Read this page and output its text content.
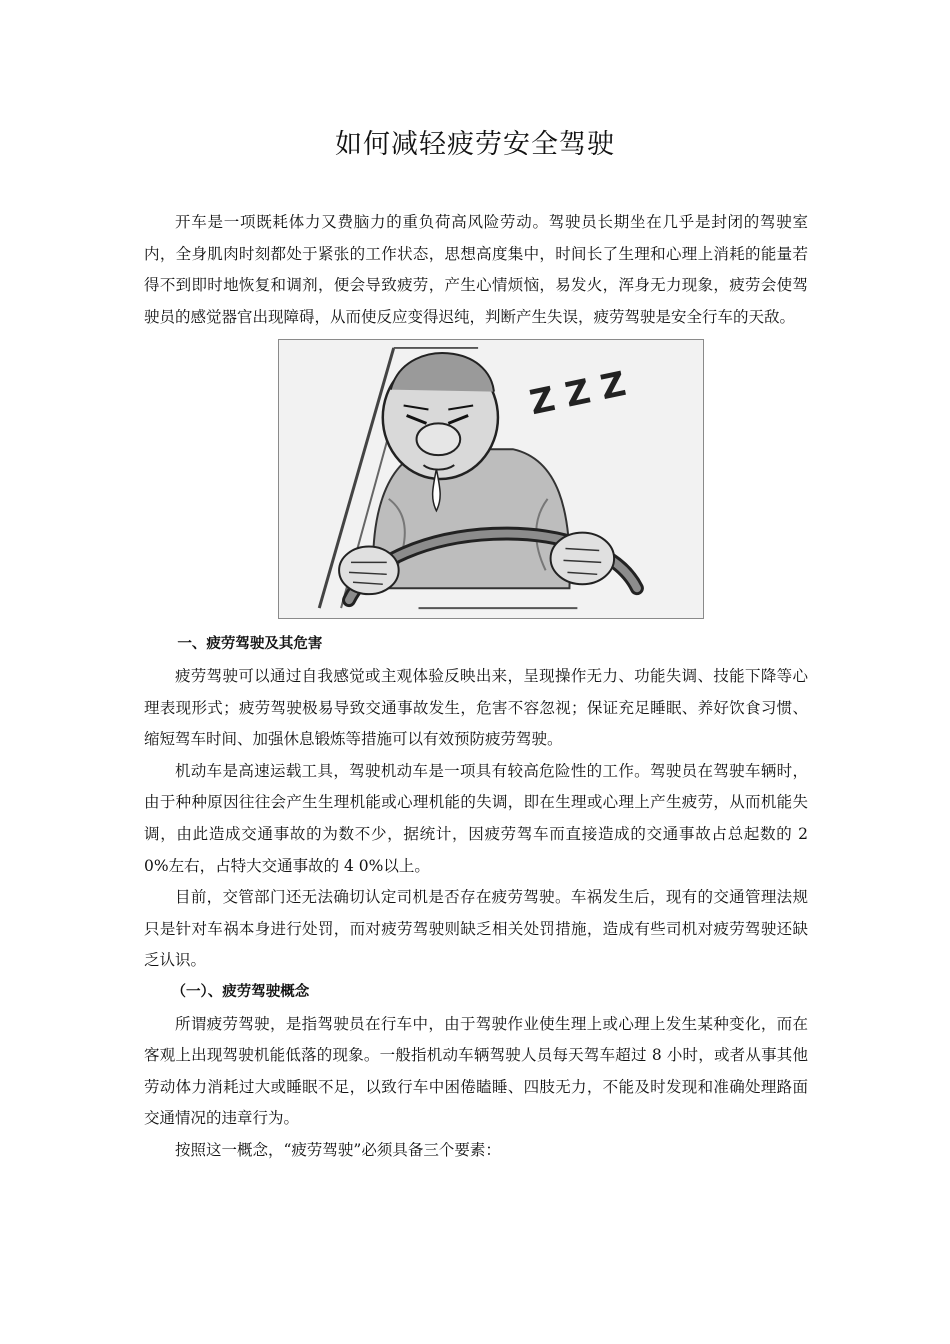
如何减轻疲劳安全驾驶

开车是一项既耗体力又费脑力的重负荷高风险劳动。驾驶员长期坐在几乎是封闭的驾驶室内，全身肌肉时刻都处于紧张的工作状态，思想高度集中，时间长了生理和心理上消耗的能量若得不到即时地恢复和调剂，便会导致疲劳，产生心情烦恼，易发火，浑身无力现象，疲劳会使驾驶员的感觉器官出现障碍，从而使反应变得迟纯，判断产生失误，疲劳驾驶是安全行车的天敌。

Z Z Z
一、疲劳驾驶及其危害

疲劳驾驶可以通过自我感觉或主观体验反映出来，呈现操作无力、功能失调、技能下降等心理表现形式；疲劳驾驶极易导致交通事故发生，危害不容忽视；保证充足睡眠、养好饮食习惯、缩短驾车时间、加强休息锻炼等措施可以有效预防疲劳驾驶。

机动车是高速运载工具，驾驶机动车是一项具有较高危险性的工作。驾驶员在驾驶车辆时，由于种种原因往往会产生生理机能或心理机能的失调，即在生理或心理上产生疲劳，从而机能失调，由此造成交通事故的为数不少，据统计，因疲劳驾车而直接造成的交通事故占总起数的 2 0%左右，占特大交通事故的 4 0%以上。

目前，交管部门还无法确切认定司机是否存在疲劳驾驶。车祸发生后，现有的交通管理法规只是针对车祸本身进行处罚，而对疲劳驾驶则缺乏相关处罚措施，造成有些司机对疲劳驾驶还缺乏认识。

（一）、疲劳驾驶概念

所谓疲劳驾驶，是指驾驶员在行车中，由于驾驶作业使生理上或心理上发生某种变化，而在客观上出现驾驶机能低落的现象。一般指机动车辆驾驶人员每天驾车超过 8 小时，或者从事其他劳动体力消耗过大或睡眠不足，以致行车中困倦瞌睡、四肢无力，不能及时发现和准确处理路面交通情况的违章行为。

按照这一概念，“疲劳驾驶”必须具备三个要素：
